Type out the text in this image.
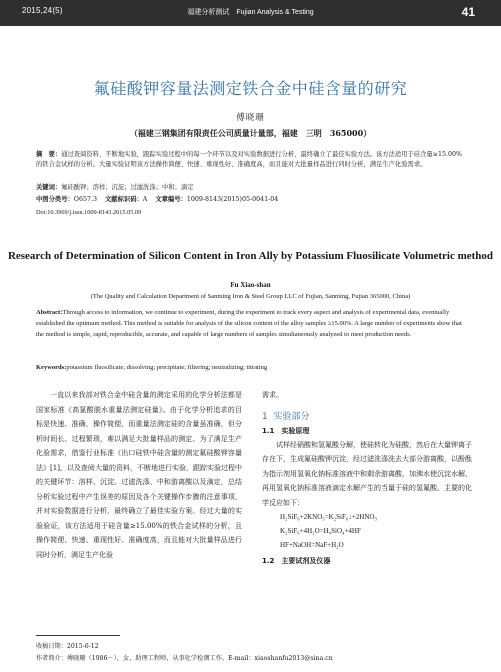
2015,24(5)	福建分析测试　Fujian Analysis & Testing	41
氟硅酸钾容量法测定铁合金中硅含量的研究
傅晓珊
（福建三钢集团有限责任公司质量计量部，福建　三明　365000）
摘　要：通过查阅资料、不断地实验，跟踪实验过程中的每一个环节以及对实验数据进行分析，最终确立了最佳实验方法。该方法适用于硅含量≥15.00%的铁合金试样的分析。大量实验证明该方法操作简便、快速、重现性好、准确度高，而且能对大批量样品进行同时分析，满足生产化验需求。
关键词：氟硅酸钾；溶样；沉淀；过滤洗涤；中和；滴定
中图分类号：O657.3 文献标识码：A 文章编号：1009-8143(2015)05-0041-04
Doi:10.3969/j.issn.1009-8143.2015.05.09
Research of Determination of Silicon Content in Iron Ally by Potassium Fluosilicate Volumetric method
Fu Xiao-shan
(The Quality and Calculation Department of Sanming Iron & Steel Group LLC of Fujian, Sanming, Fujian 365000, China)
Abstract:Through access to information, we continue to experiment, during the experiment to track every aspect and analysis of experimental data, eventually established the optimum method. This method is suitable for analysis of the silicon content of the alloy samples ≥15.00%. A large number of experiments show that the method is simple, rapid, reproducible, accurate, and capable of large numbers of samples simultaneously analyzed to meet production needs.
Keywords:potassium fluosilicate; dissolving; precipitate; filtering; neutralizing; titrating
一直以来我部对铁合金中硅含量的测定采用的化学分析法都是国家标准《高氯酸脱水重量法测定硅量》。由于化学分析追求的目标是快速、准确，操作简便，而重量法测定硅的含量虽准确，但分析时间长、过程繁琐，难以满足大批量样品的测定。为了满足生产化验需求，借鉴行业标准《出口硅铁中硅含量的测定氟硅酸钾容量法》[1]，以及查阅大量的资料，不断地进行实验，跟踪实验过程中的关键环节：溶样、沉淀、过滤洗涤、中和游离酸以及滴定，总结分析实验过程中产生误差的原因及各个关键操作步骤的注意事项，并对实验数据进行分析，最终确立了最佳实验方案。经过大量的实验验证，该方法适用于硅含量≥15.00%的铁合金试样的分析，且操作简便、快速、重现性好、准确度高，而且能对大批量样品进行同时分析，满足生产化验
需求。
1 实验部分
1.1　实验原理
试样经硝酸和氢氟酸分解，使硅转化为硅酸，然后在大量钾离子存在下，生成氟硅酸钾沉淀，经过滤洗涤洗去大部分游离酸，以酚酞为指示剂用氢氧化钠标准溶液中和剩余游离酸，加沸水使沉淀水解，再用氢氧化钠标准溶液滴定水解产生的当量于硅的氢氟酸。主要的化学反应如下：
H₂SiF₆+2KNO₃=K₂SiF₆↓+2HNO₃
K₂SiF₆+4H₂O=H₄SiO₄+4HF
HF+NaOH=NaF+H₂O
1.2　主要试剂及仪器
收稿日期：2015-6-12
作者简介：傅晓珊（1986－），女，助理工程师，从事化学检测工作。E-mail：xiaoshanfu2013@sina.cn
